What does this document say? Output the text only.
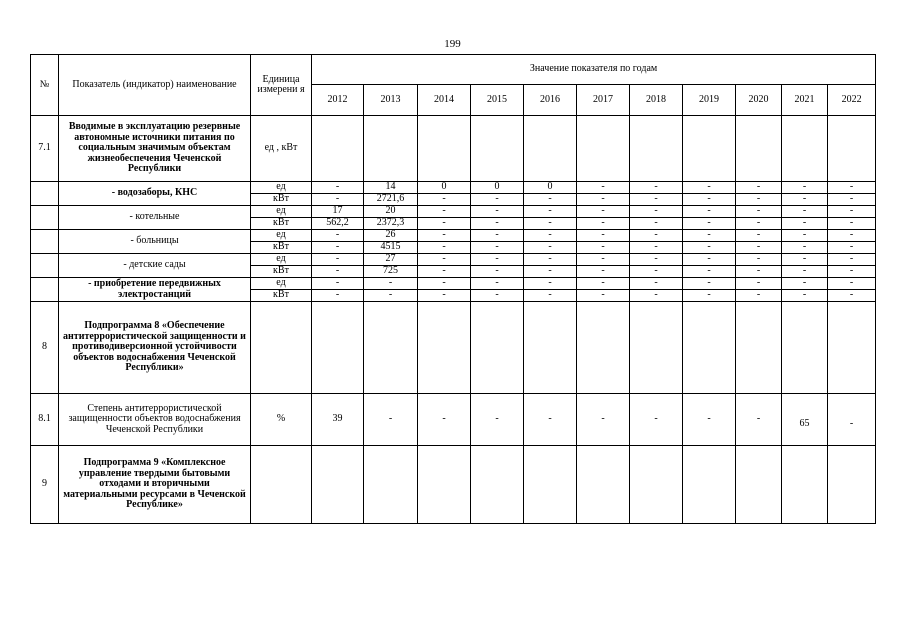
199
№	Показатель (индикатор) наименование	Единица измерени я	Значение показателя по годам										
			2012	2013	2014	2015	2016	2017	2018	2019	2020	2021	2022
7.1	Вводимые в эксплуатацию резервные автономные источники питания по социальным значимым объектам жизнеобеспечения Чеченской Республики	ед , кВт											
	- водозаборы, КНС	ед	-	14	0	0	0	-	-	-	-	-	-
		кВт	-	2721,6	-	-	-	-	-	-	-	-	-
	- котельные	ед	17	20	-	-	-	-	-	-	-	-	-
		кВт	562,2	2372,3	-	-	-	-	-	-	-	-	-
	- больницы	ед	-	26	-	-	-	-	-	-	-	-	-
		кВт	-	4515	-	-	-	-	-	-	-	-	-
	- детские сады	ед	-	27	-	-	-	-	-	-	-	-	-
		кВт	-	725	-	-	-	-	-	-	-	-	-
	- приобретение передвижных электростанций	ед	-	-	-	-	-	-	-	-	-	-	-
		кВт	-	-	-	-	-	-	-	-	-	-	-
8	Подпрограмма 8 «Обеспечение антитеррористической защищенности и противодиверсионной устойчивости объектов водоснабжения Чеченской Республики»												
8.1	Степень антитеррористической защищенности объектов водоснабжения Чеченской Республики	%	39	-	-	-	-	-	-	-	-	65	-
9	Подпрограмма 9 «Комплексное управление твердыми бытовыми отходами и вторичными материальными ресурсами в Чеченской Республике»												
